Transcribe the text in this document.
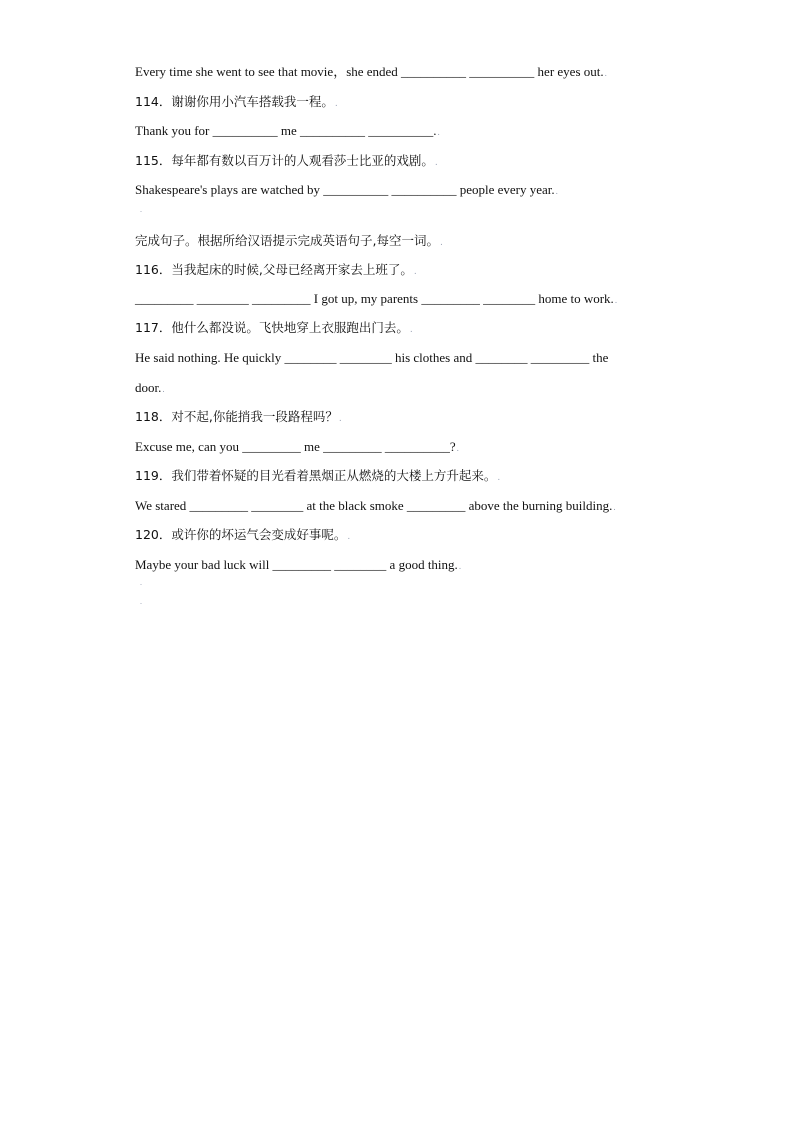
Every time she went to see that movie，she ended __________ __________ her eyes out..
114．谢谢你用小汽车搭载我一程。.
Thank you for __________ me __________ __________..
115．每年都有数以百万计的人观看莎士比亚的戏剧。.
Shakespeare's plays are watched by __________ __________ people every year..
.
完成句子。根据所给汉语提示完成英语句子,每空一词。.
116．当我起床的时候,父母已经离开家去上班了。.
_________ ________ _________ I got up, my parents _________ ________ home to work..
117．他什么都没说。飞快地穿上衣服跑出门去。.
He said nothing. He quickly ________ ________ his clothes and ________ _________ the
door..
118．对不起,你能捎我一段路程吗？.
Excuse me, can you _________ me _________ __________?.
119．我们带着怀疑的目光看着黑烟正从燃烧的大楼上方升起来。.
We stared _________ ________ at the black smoke _________ above the burning building..
120．或许你的坏运气会变成好事呢。.
Maybe your bad luck will _________ ________ a good thing..
.
.
